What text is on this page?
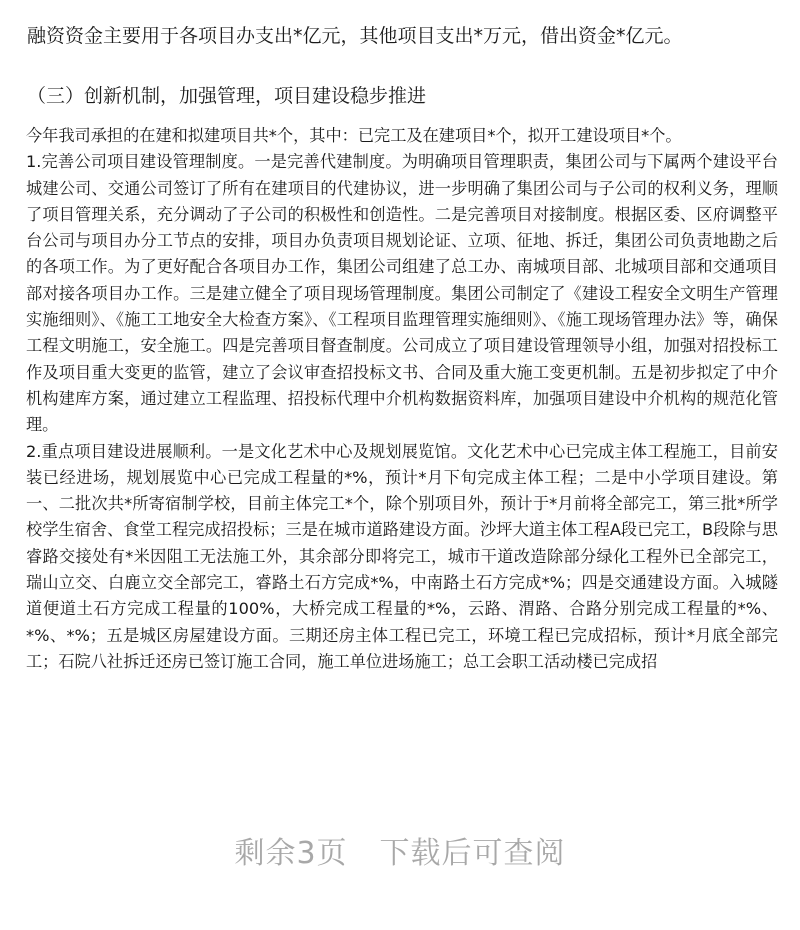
融资资金主要用于各项目办支出*亿元，其他项目支出*万元，借出资金*亿元。
（三）创新机制，加强管理，项目建设稳步推进

今年我司承担的在建和拟建项目共*个，其中：已完工及在建项目*个，拟开工建设项目*个。

1.完善公司项目建设管理制度。一是完善代建制度。为明确项目管理职责，集团公司与下属两个建设平台城建公司、交通公司签订了所有在建项目的代建协议，进一步明确了集团公司与子公司的权利义务，理顺了项目管理关系，充分调动了子公司的积极性和创造性。二是完善项目对接制度。根据区委、区府调整平台公司与项目办分工节点的安排，项目办负责项目规划论证、立项、征地、拆迁，集团公司负责地勘之后的各项工作。为了更好配合各项目办工作，集团公司组建了总工办、南城项目部、北城项目部和交通项目部对接各项目办工作。三是建立健全了项目现场管理制度。集团公司制定了《建设工程安全文明生产管理实施细则》、《施工工地安全大检查方案》、《工程项目监理管理实施细则》、《施工现场管理办法》等，确保工程文明施工，安全施工。四是完善项目督查制度。公司成立了项目建设管理领导小组，加强对招投标工作及项目重大变更的监管，建立了会议审查招投标文书、合同及重大施工变更机制。五是初步拟定了中介机构建库方案，通过建立工程监理、招投标代理中介机构数据资料库，加强项目建设中介机构的规范化管理。

2.重点项目建设进展顺利。一是文化艺术中心及规划展览馆。文化艺术中心已完成主体工程施工，目前安装已经进场，规划展览中心已完成工程量的*%，预计*月下旬完成主体工程；二是中小学项目建设。第一、二批次共*所寄宿制学校，目前主体完工*个，除个别项目外，预计于*月前将全部完工，第三批*所学校学生宿舍、食堂工程完成招投标；三是在城市道路建设方面。沙坪大道主体工程A段已完工，B段除与思睿路交接处有*米因阻工无法施工外，其余部分即将完工，城市干道改造除部分绿化工程外已全部完工，瑞山立交、白鹿立交全部完工，睿路土石方完成*%，中南路土石方完成*%；四是交通建设方面。入城隧道便道土石方完成工程量的100%，大桥完成工程量的*%，云路、渭路、合路分别完成工程量的*%、*%、*%；五是城区房屋建设方面。三期还房主体工程已完工，环境工程已完成招标，预计*月底全部完工；石院八社拆迁还房已签订施工合同，施工单位进场施工；总工会职工活动楼已完成招

剩余3页 下载后可查阅
